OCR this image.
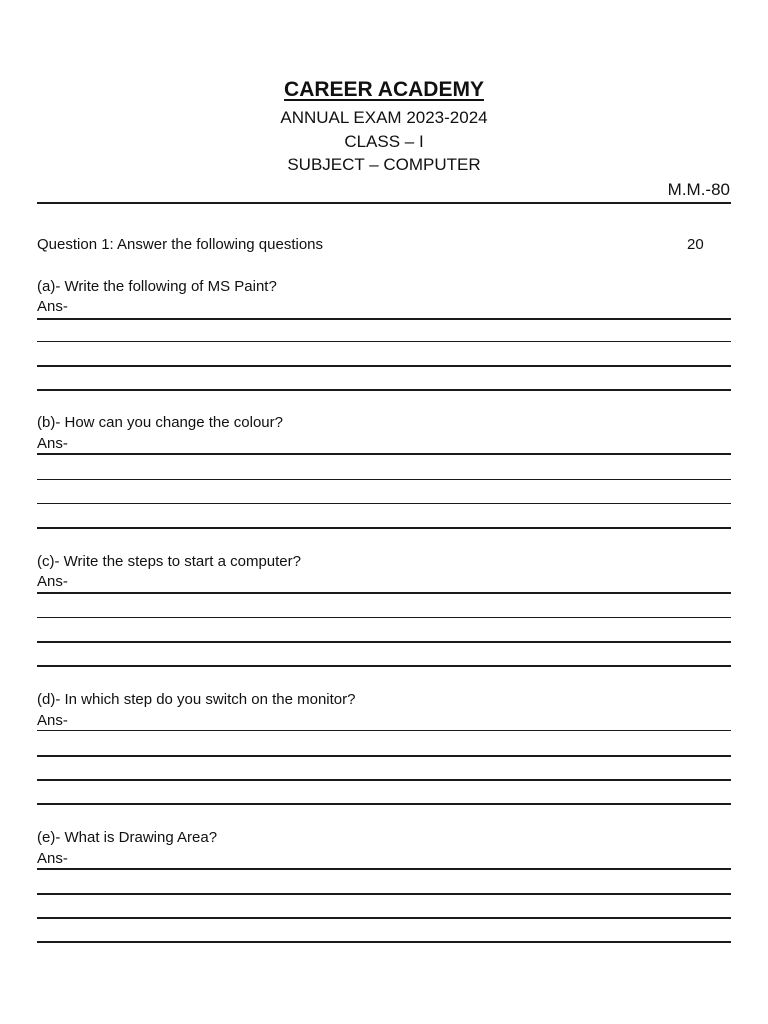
CAREER ACADEMY
ANNUAL EXAM 2023-2024
CLASS – I
SUBJECT – COMPUTER
M.M.-80
Question 1: Answer the following questions	20
(a)- Write the following of MS Paint?
Ans-
(b)- How can you change the colour?
Ans-
(c)- Write the steps to start a computer?
Ans-
(d)- In which step do you switch on the monitor?
Ans-
(e)- What is Drawing Area?
Ans-
